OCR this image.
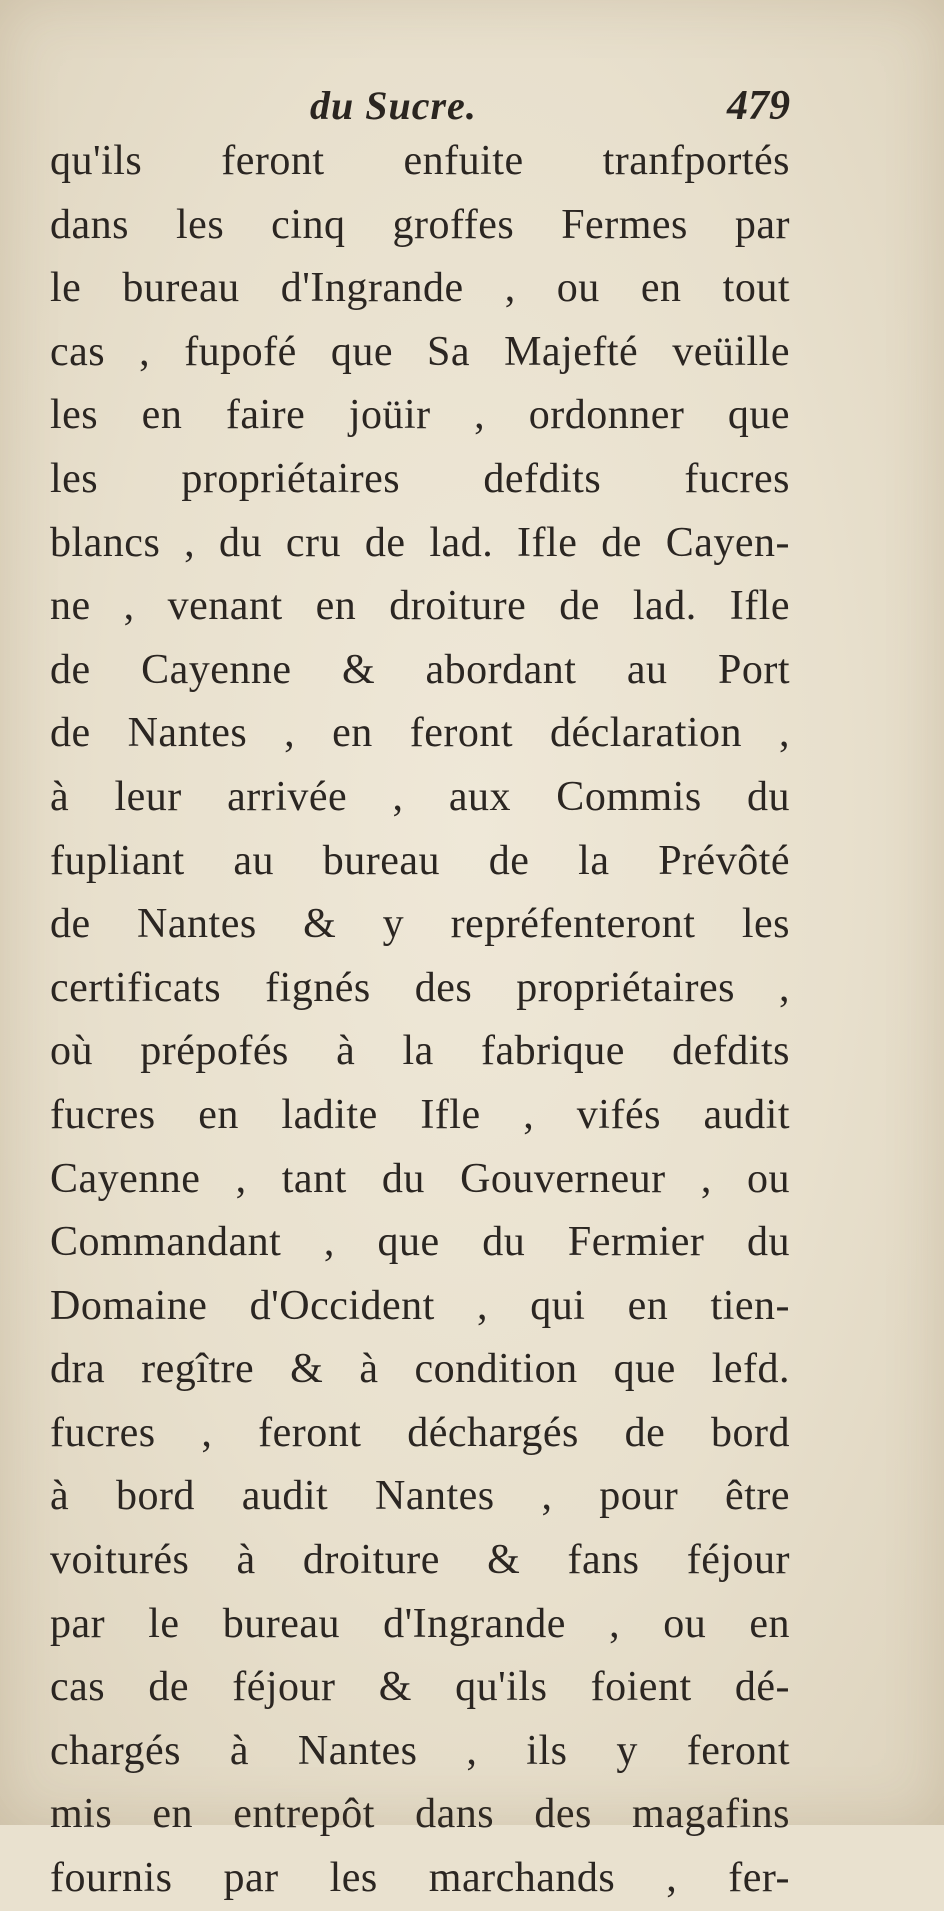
du Sucre.	479
qu'ils feront enfuite tranfportés
dans les cinq groffes Fermes par
le bureau d'Ingrande , ou en tout
cas , fupofé que Sa Majefté veüille
les en faire joüir , ordonner que
les propriétaires defdits fucres
blancs , du cru de lad. Ifle de Cayen-
ne , venant en droiture de lad. Ifle
de Cayenne & abordant au Port
de Nantes , en feront déclaration ,
à leur arrivée , aux Commis du
fupliant au bureau de la Prévôté
de Nantes & y repréfenteront les
certificats fignés des propriétaires ,
où prépofés à la fabrique defdits
fucres en ladite Ifle , vifés audit
Cayenne , tant du Gouverneur , ou
Commandant , que du Fermier du
Domaine d'Occident , qui en tien-
dra regître & à condition que lefd.
fucres , feront déchargés de bord
à bord audit Nantes , pour être
voiturés à droiture & fans féjour
par le bureau d'Ingrande , ou en
cas de féjour & qu'ils foient dé-
chargés à Nantes , ils y feront
mis en entrepôt dans des magafins
fournis par les marchands , fer-
